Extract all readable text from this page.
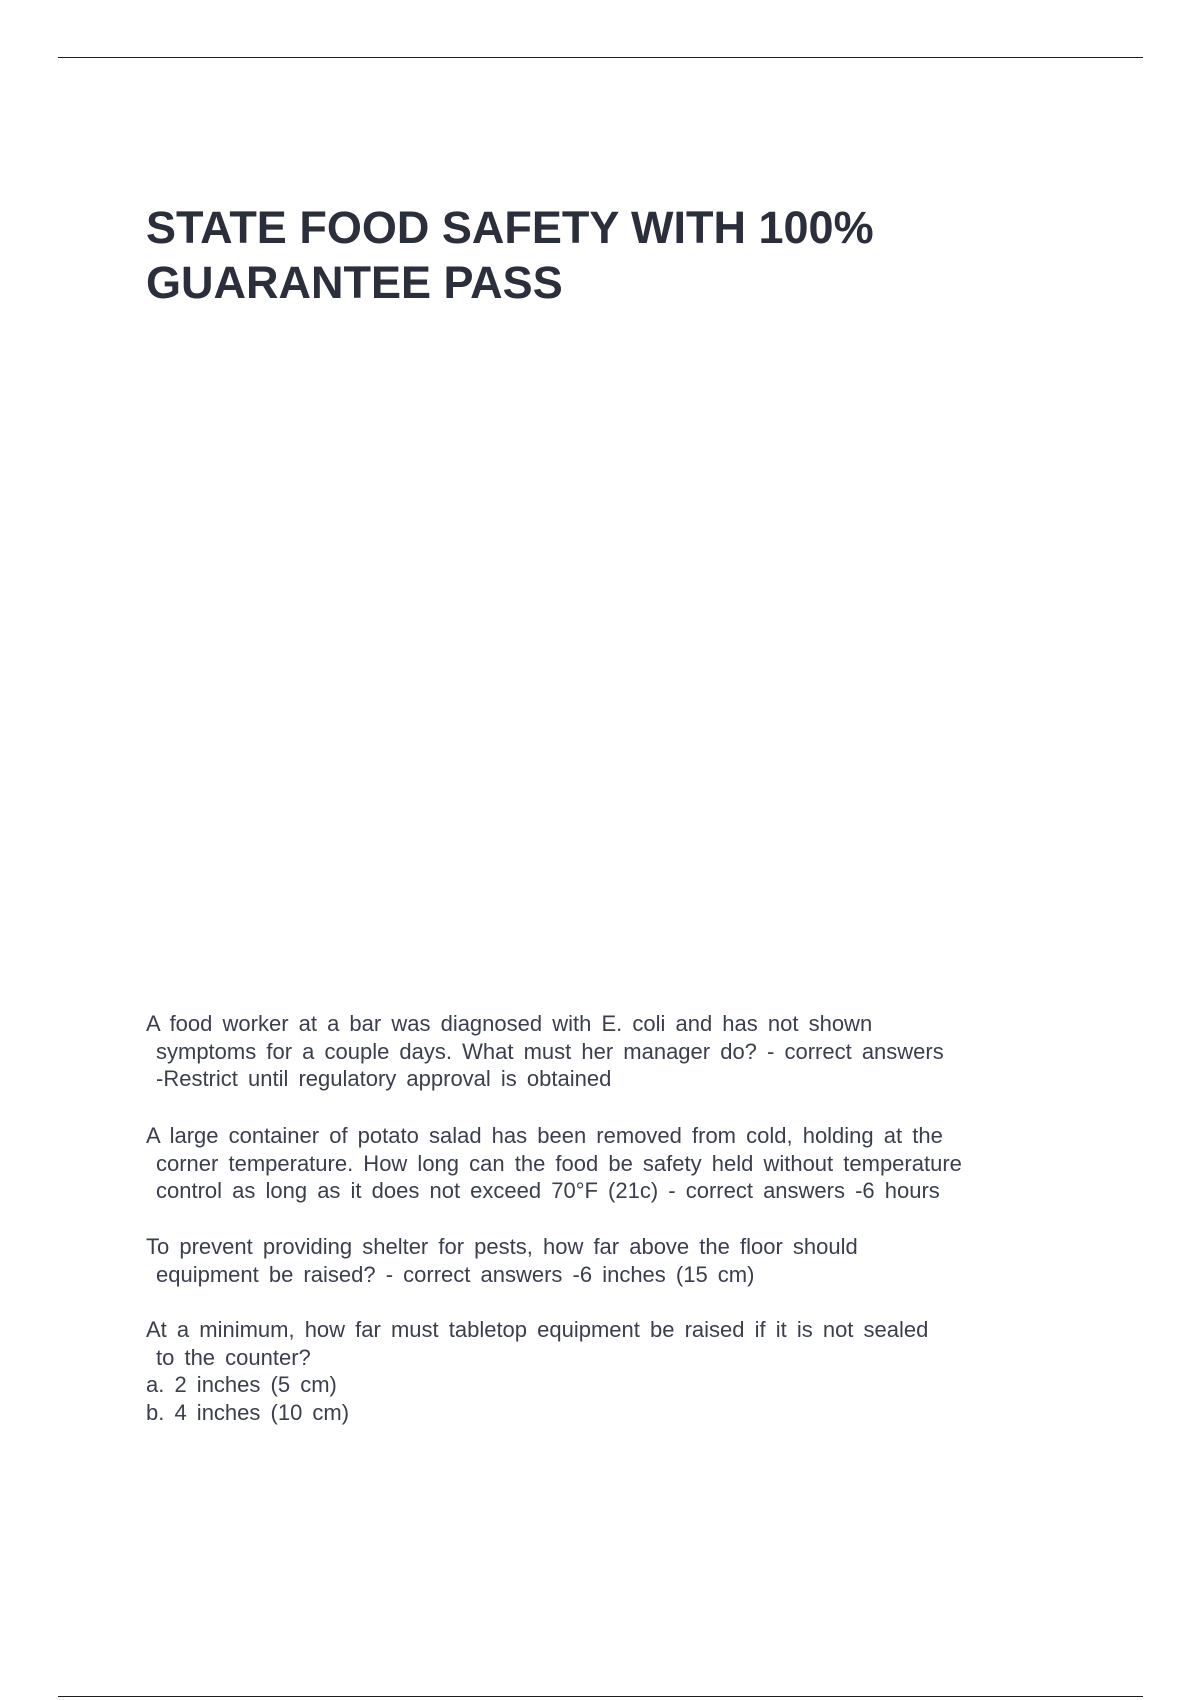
STATE FOOD SAFETY WITH 100%
GUARANTEE PASS
A food worker at a bar was diagnosed with E. coli and has not shown
symptoms for a couple days. What must her manager do? - correct answers
-Restrict until regulatory approval is obtained
A large container of potato salad has been removed from cold, holding at the
corner temperature. How long can the food be safety held without temperature
control as long as it does not exceed 70°F (21c) - correct answers -6 hours
To prevent providing shelter for pests, how far above the floor should
equipment be raised? - correct answers -6 inches (15 cm)
At a minimum, how far must tabletop equipment be raised if it is not sealed
to the counter?
a. 2 inches (5 cm)
b. 4 inches (10 cm)
